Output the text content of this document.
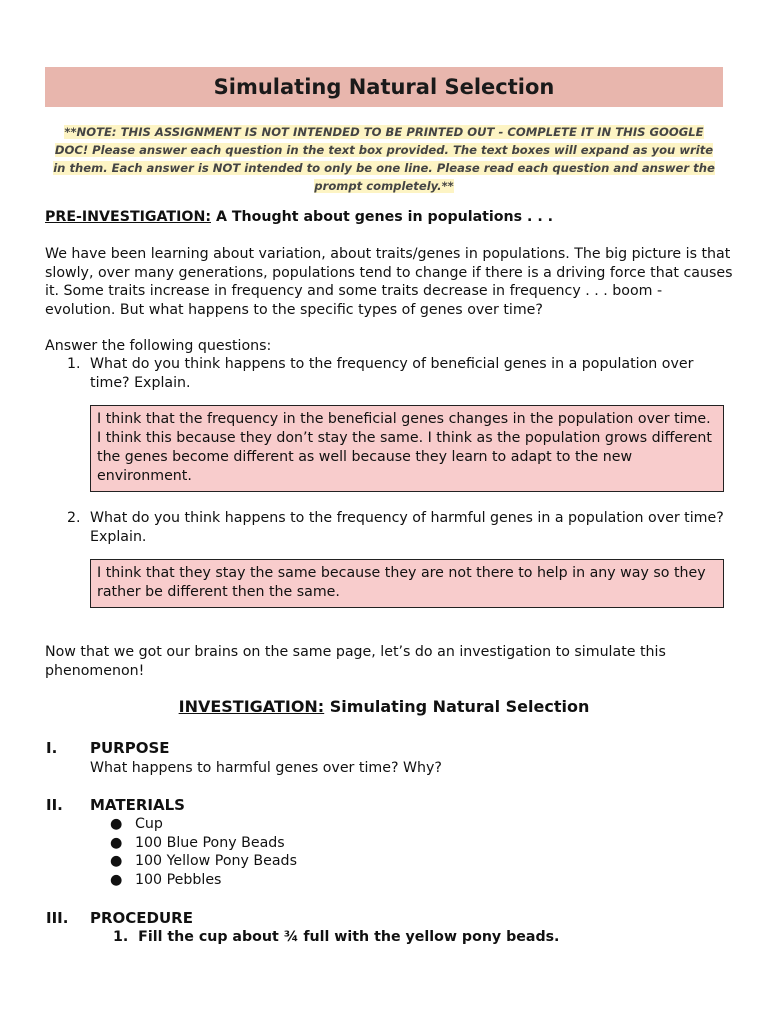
Simulating Natural Selection
**NOTE: THIS ASSIGNMENT IS NOT INTENDED TO BE PRINTED OUT - COMPLETE IT IN THIS GOOGLE DOC! Please answer each question in the text box provided. The text boxes will expand as you write in them. Each answer is NOT intended to only be one line. Please read each question and answer the prompt completely.**
PRE-INVESTIGATION: A Thought about genes in populations . . .
We have been learning about variation, about traits/genes in populations. The big picture is that slowly, over many generations, populations tend to change if there is a driving force that causes it. Some traits increase in frequency and some traits decrease in frequency . . . boom - evolution. But what happens to the specific types of genes over time?
Answer the following questions:
1. What do you think happens to the frequency of beneficial genes in a population over time? Explain.
I think that the frequency in the beneficial genes changes in the population over time. I think this because they don’t stay the same. I think as the population grows different the genes become different as well because they learn to adapt to the new environment.
2. What do you think happens to the frequency of harmful genes in a population over time? Explain.
I think that they stay the same because they are not there to help in any way so they rather be different then the same.
Now that we got our brains on the same page, let’s do an investigation to simulate this phenomenon!
INVESTIGATION: Simulating Natural Selection
I.	PURPOSE
What happens to harmful genes over time? Why?
II.	MATERIALS
● Cup
● 100 Blue Pony Beads
● 100 Yellow Pony Beads
● 100 Pebbles
III.	PROCEDURE
1. Fill the cup about ¾ full with the yellow pony beads.
